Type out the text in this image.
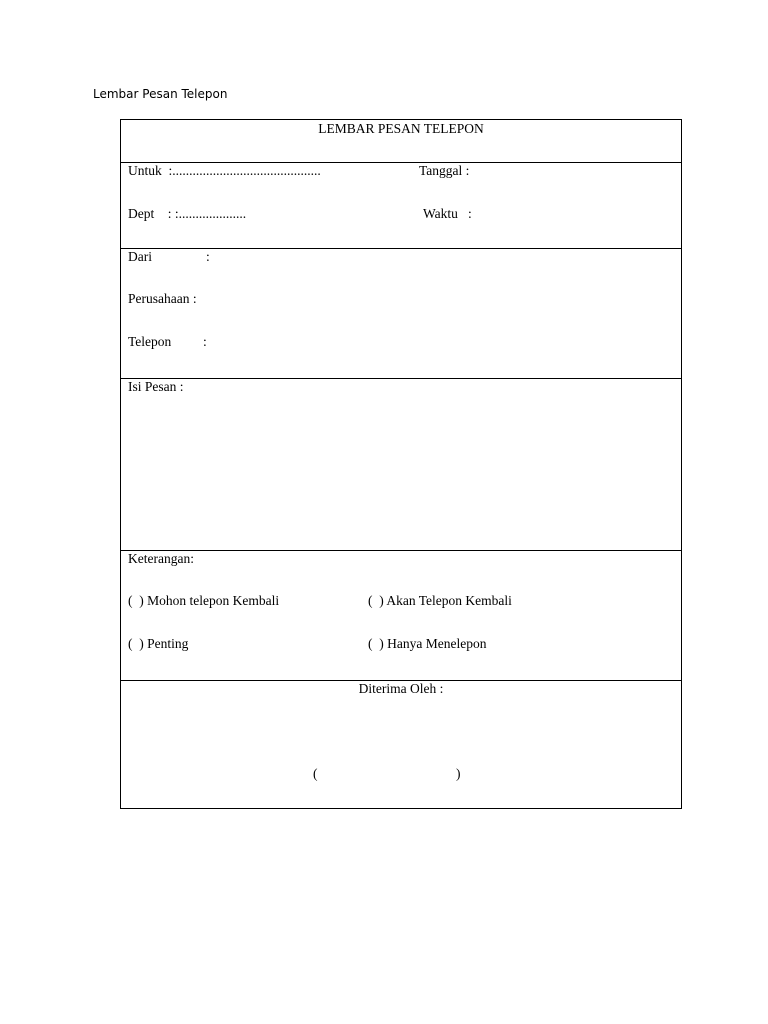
Lembar Pesan Telepon
LEMBAR PESAN TELEPON
Untuk  :............................................	Tanggal :
Dept    : :....................	Waktu   :
Dari	:
Perusahaan :
Telepon :
Isi Pesan :
Keterangan:
(  ) Mohon telepon Kembali	(  ) Akan Telepon Kembali
(  ) Penting	(  ) Hanya Menelepon
Diterima Oleh :
(	)
